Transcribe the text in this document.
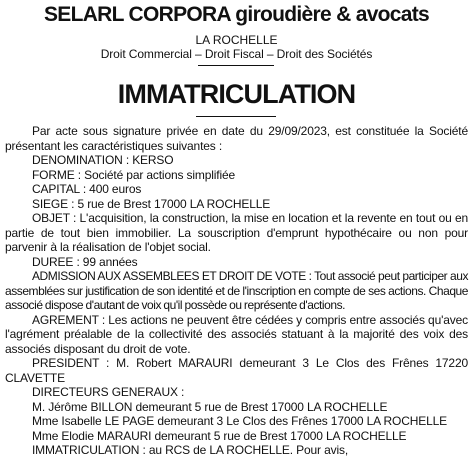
SELARL CORPORA giroudière & avocats
LA ROCHELLE
Droit Commercial – Droit Fiscal – Droit des Sociétés
IMMATRICULATION

Par acte sous signature privée en date du 29/09/2023, est constituée la Société présentant les caractéristiques suivantes :

DENOMINATION : KERSO

FORME : Société par actions simplifiée

CAPITAL : 400 euros

SIEGE : 5 rue de Brest 17000 LA ROCHELLE

OBJET : L'acquisition, la construction, la mise en location et la revente en tout ou en partie de tout bien immobilier. La souscription d'emprunt hypothécaire ou non pour parvenir à la réalisation de l'objet social.

DUREE : 99 années

ADMISSION AUX ASSEMBLEES ET DROIT DE VOTE : Tout associé peut participer aux assemblées sur justification de son identité et de l'inscription en compte de ses actions. Chaque associé dispose d'autant de voix qu'il possède ou représente d'actions.

AGREMENT : Les actions ne peuvent être cédées y compris entre associés qu'avec l'agrément préalable de la collectivité des associés statuant à la majorité des voix des associés disposant du droit de vote.

PRESIDENT : M. Robert MARAURI demeurant 3 Le Clos des Frênes 17220 CLAVETTE

DIRECTEURS GENERAUX :

M. Jérôme BILLON demeurant 5 rue de Brest 17000 LA ROCHELLE

Mme Isabelle LE PAGE demeurant 3 Le Clos des Frênes 17000 LA ROCHELLE

Mme Elodie MARAURI demeurant 5 rue de Brest 17000 LA ROCHELLE

IMMATRICULATION : au RCS de LA ROCHELLE. Pour avis,
